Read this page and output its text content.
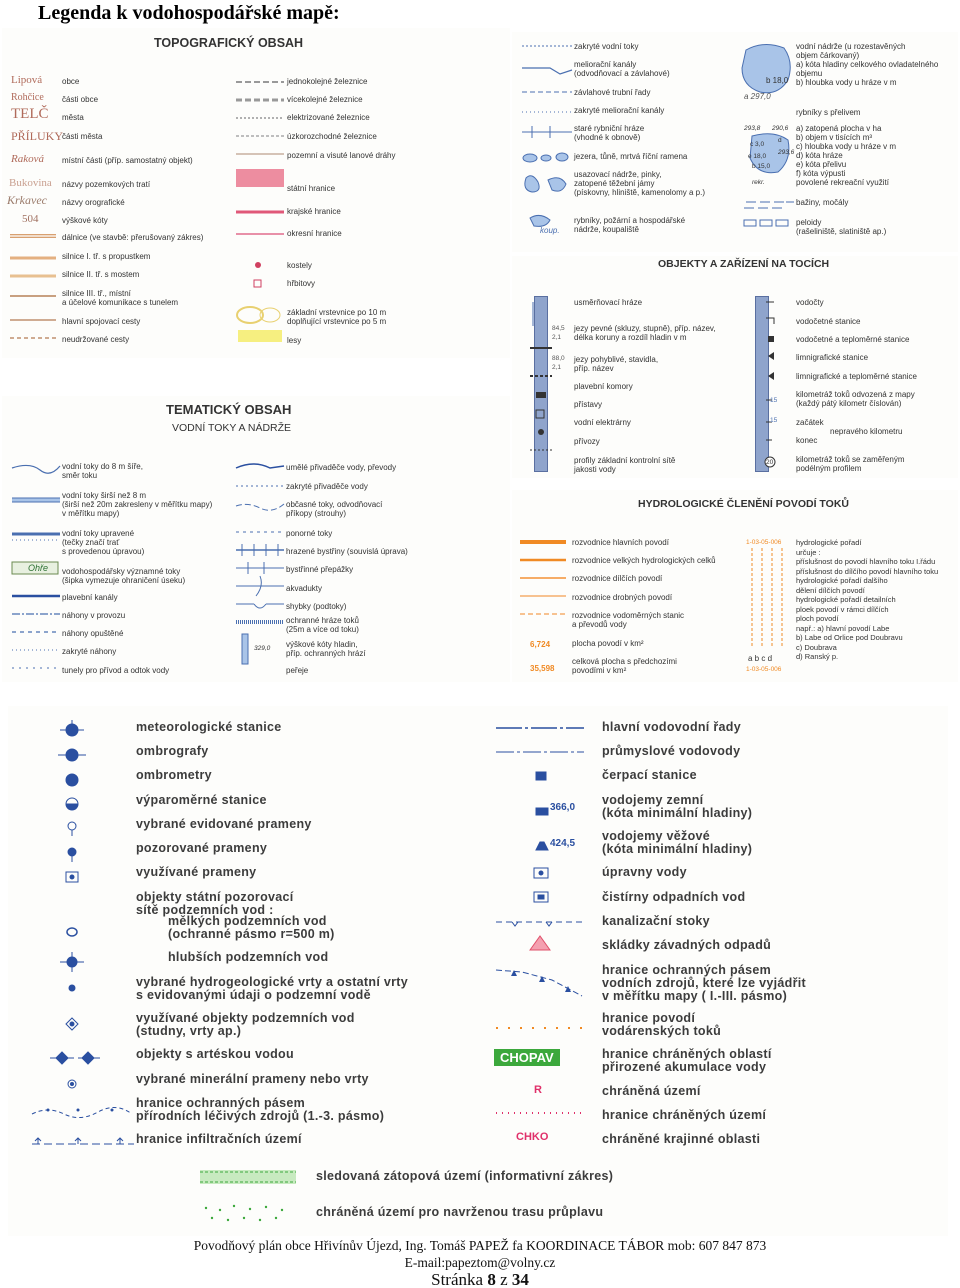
Legenda k vodohospodářské mapě:
TOPOGRAFICKÝ OBSAH
Lipová
Rohčice
TELČ
PŘÍLUKY
Raková
Bukovina
Krkavec
504
obce
části obce
města
části města
místní části (příp. samostatný objekt)
názvy pozemkových tratí
názvy orografické
výškové kóty
dálnice (ve stavbě: přerušovaný zákres)
silnice I. tř. s propustkem
silnice II. tř. s mostem
silnice III. tř., místní
a účelové komunikace s tunelem
hlavní spojovací cesty
neudržované cesty
jednokolejné železnice
vícekolejné železnice
elektrizované železnice
úzkorozchodné železnice
pozemní a visuté lanové dráhy
státní hranice
krajské hranice
okresní hranice
kostely
hřbitovy
základní vrstevnice po 10 m
doplňující vrstevnice po 5 m
lesy
zakryté vodní toky
meliorační kanály
(odvodňovací a závlahové)
závlahové trubní řady
zakryté meliorační kanály
staré rybniční hráze
(vhodné k obnově)
jezera, tůně, mrtvá říční ramena
usazovací nádrže, pinky,
zatopené těžební jámy
(pískovny, hliniště, kamenolomy a p.)
rybníky, požární a hospodářské
nádrže, koupaliště
koup.
b 18,0
a 297,0
vodní nádrže (u rozestavěných
objem čárkovaný)
a) kóta hladiny celkového ovladatelného
objemu
b) hloubka vody u hráze v m
rybníky s přelivem
293,8 290,6
c 3,0
d
e 18,0
293,6
b 15,0
rekr.
a) zatopená plocha v ha
b) objem v tisících m³
c) hloubka vody u hráze v m
d) kóta hráze
e) kóta přelivu
f) kóta výpusti
povolené rekreační využití
bažiny, močály
peloidy
(rašeliniště, slatiniště ap.)
OBJEKTY A ZAŘÍZENÍ NA TOCÍCH
84,5
2,1
88,0
2,1
usměrňovací hráze
jezy pevné (skluzy, stupně), příp. název,
délka koruny a rozdíl hladin v m
jezy pohyblivé, stavidla,
příp. název
plavební komory
přístavy
vodní elektrárny
přívozy
profily základní kontrolní sítě
jakosti vody
15
15
20
vodočty
vodočetné stanice
vodočetné a teploměrné stanice
limnigrafické stanice
limnigrafické a teploměrné stanice
kilometráž toků odvozená z mapy
(každý pátý kilometr číslován)
začátek
nepravého kilometru
konec
kilometráž toků se zaměřeným
podélným profilem
TEMATICKÝ OBSAH
VODNÍ TOKY A NÁDRŽE
Ohře
vodní toky do 8 m šíře,
směr toku
vodní toky širší než 8 m
(širší než 20m zakresleny v měřítku mapy)
v měřítku mapy)
vodní toky upravené
(tečky značí trať
s provedenou úpravou)
vodohospodářsky významné toky
(šipka vymezuje ohraničení úseku)
plavební kanály
náhony v provozu
náhony opuštěné
zakryté náhony
tunely pro přívod a odtok vody
329,0
umělé přivaděče vody, převody
zakryté přivaděče vody
občasné toky, odvodňovací
příkopy (strouhy)
ponorné toky
hrazené bystřiny (souvislá úprava)
bystřinné přepážky
akvadukty
shybky (podtoky)
ochranné hráze toků
(25m a více od toku)
výškové kóty hladin,
příp. ochranných hrází
peřeje
HYDROLOGICKÉ ČLENĚNÍ POVODÍ TOKŮ
6,724
35,598
rozvodnice hlavních povodí
rozvodnice velkých hydrologických celků
rozvodnice dílčích povodí
rozvodnice drobných povodí
rozvodnice vodoměrných stanic
a převodů vody
plocha povodí v km²
celková plocha s předchozími
povodími v km²
1-03-05-006
a b c d
1-03-05-006
hydrologické pořadí
určuje :
příslušnost do povodí hlavního toku I.řádu
příslušnost do dílčího povodí hlavního toku
hydrologické pořadí dalšího
dělení dílčích povodí
hydrologické pořadí detailních
ploek povodí v rámci dílčích
ploch povodí
např.: a) hlavní povodí Labe
b) Labe od Orlice pod Doubravu
c) Doubrava
d) Ranský p.
meteorologické stanice
ombrografy
ombrometry
výparoměrné stanice
vybrané evidované prameny
pozorované prameny
využívané prameny
objekty státní pozorovací
sítě podzemních vod :
mělkých podzemních vod
(ochranné pásmo r=500 m)
hlubších podzemních vod
vybrané hydrogeologické vrty a ostatní vrty
s evidovanými údaji o podzemní vodě
využívané objekty podzemních vod
(studny, vrty ap.)
objekty s artéskou vodou
vybrané minerální prameny nebo vrty
hranice ochranných pásem
přírodních léčivých zdrojů (1.-3. pásmo)
hranice infiltračních území
366,0
424,5
CHOPAV
R
CHKO
hlavní vodovodní řady
průmyslové vodovody
čerpací stanice
vodojemy zemní
(kóta minimální hladiny)
vodojemy věžové
(kóta minimální hladiny)
úpravny vody
čistírny odpadních vod
kanalizační stoky
skládky závadných odpadů
hranice ochranných pásem
vodních zdrojů, které lze vyjádřit
v měřítku mapy ( I.-III. pásmo)
hranice povodí
vodárenských toků
hranice chráněných oblastí
přirozené akumulace vody
chráněná území
hranice chráněných území
chráněné krajinné oblasti
sledovaná zátopová území (informativní zákres)
chráněná území pro navrženou trasu průplavu
Povodňový plán obce Hřivínův Újezd, Ing. Tomáš PAPEŽ fa KOORDINACE TÁBOR mob: 607 847 873
E-mail:papeztom@volny.cz
Stránka 8 z 34
